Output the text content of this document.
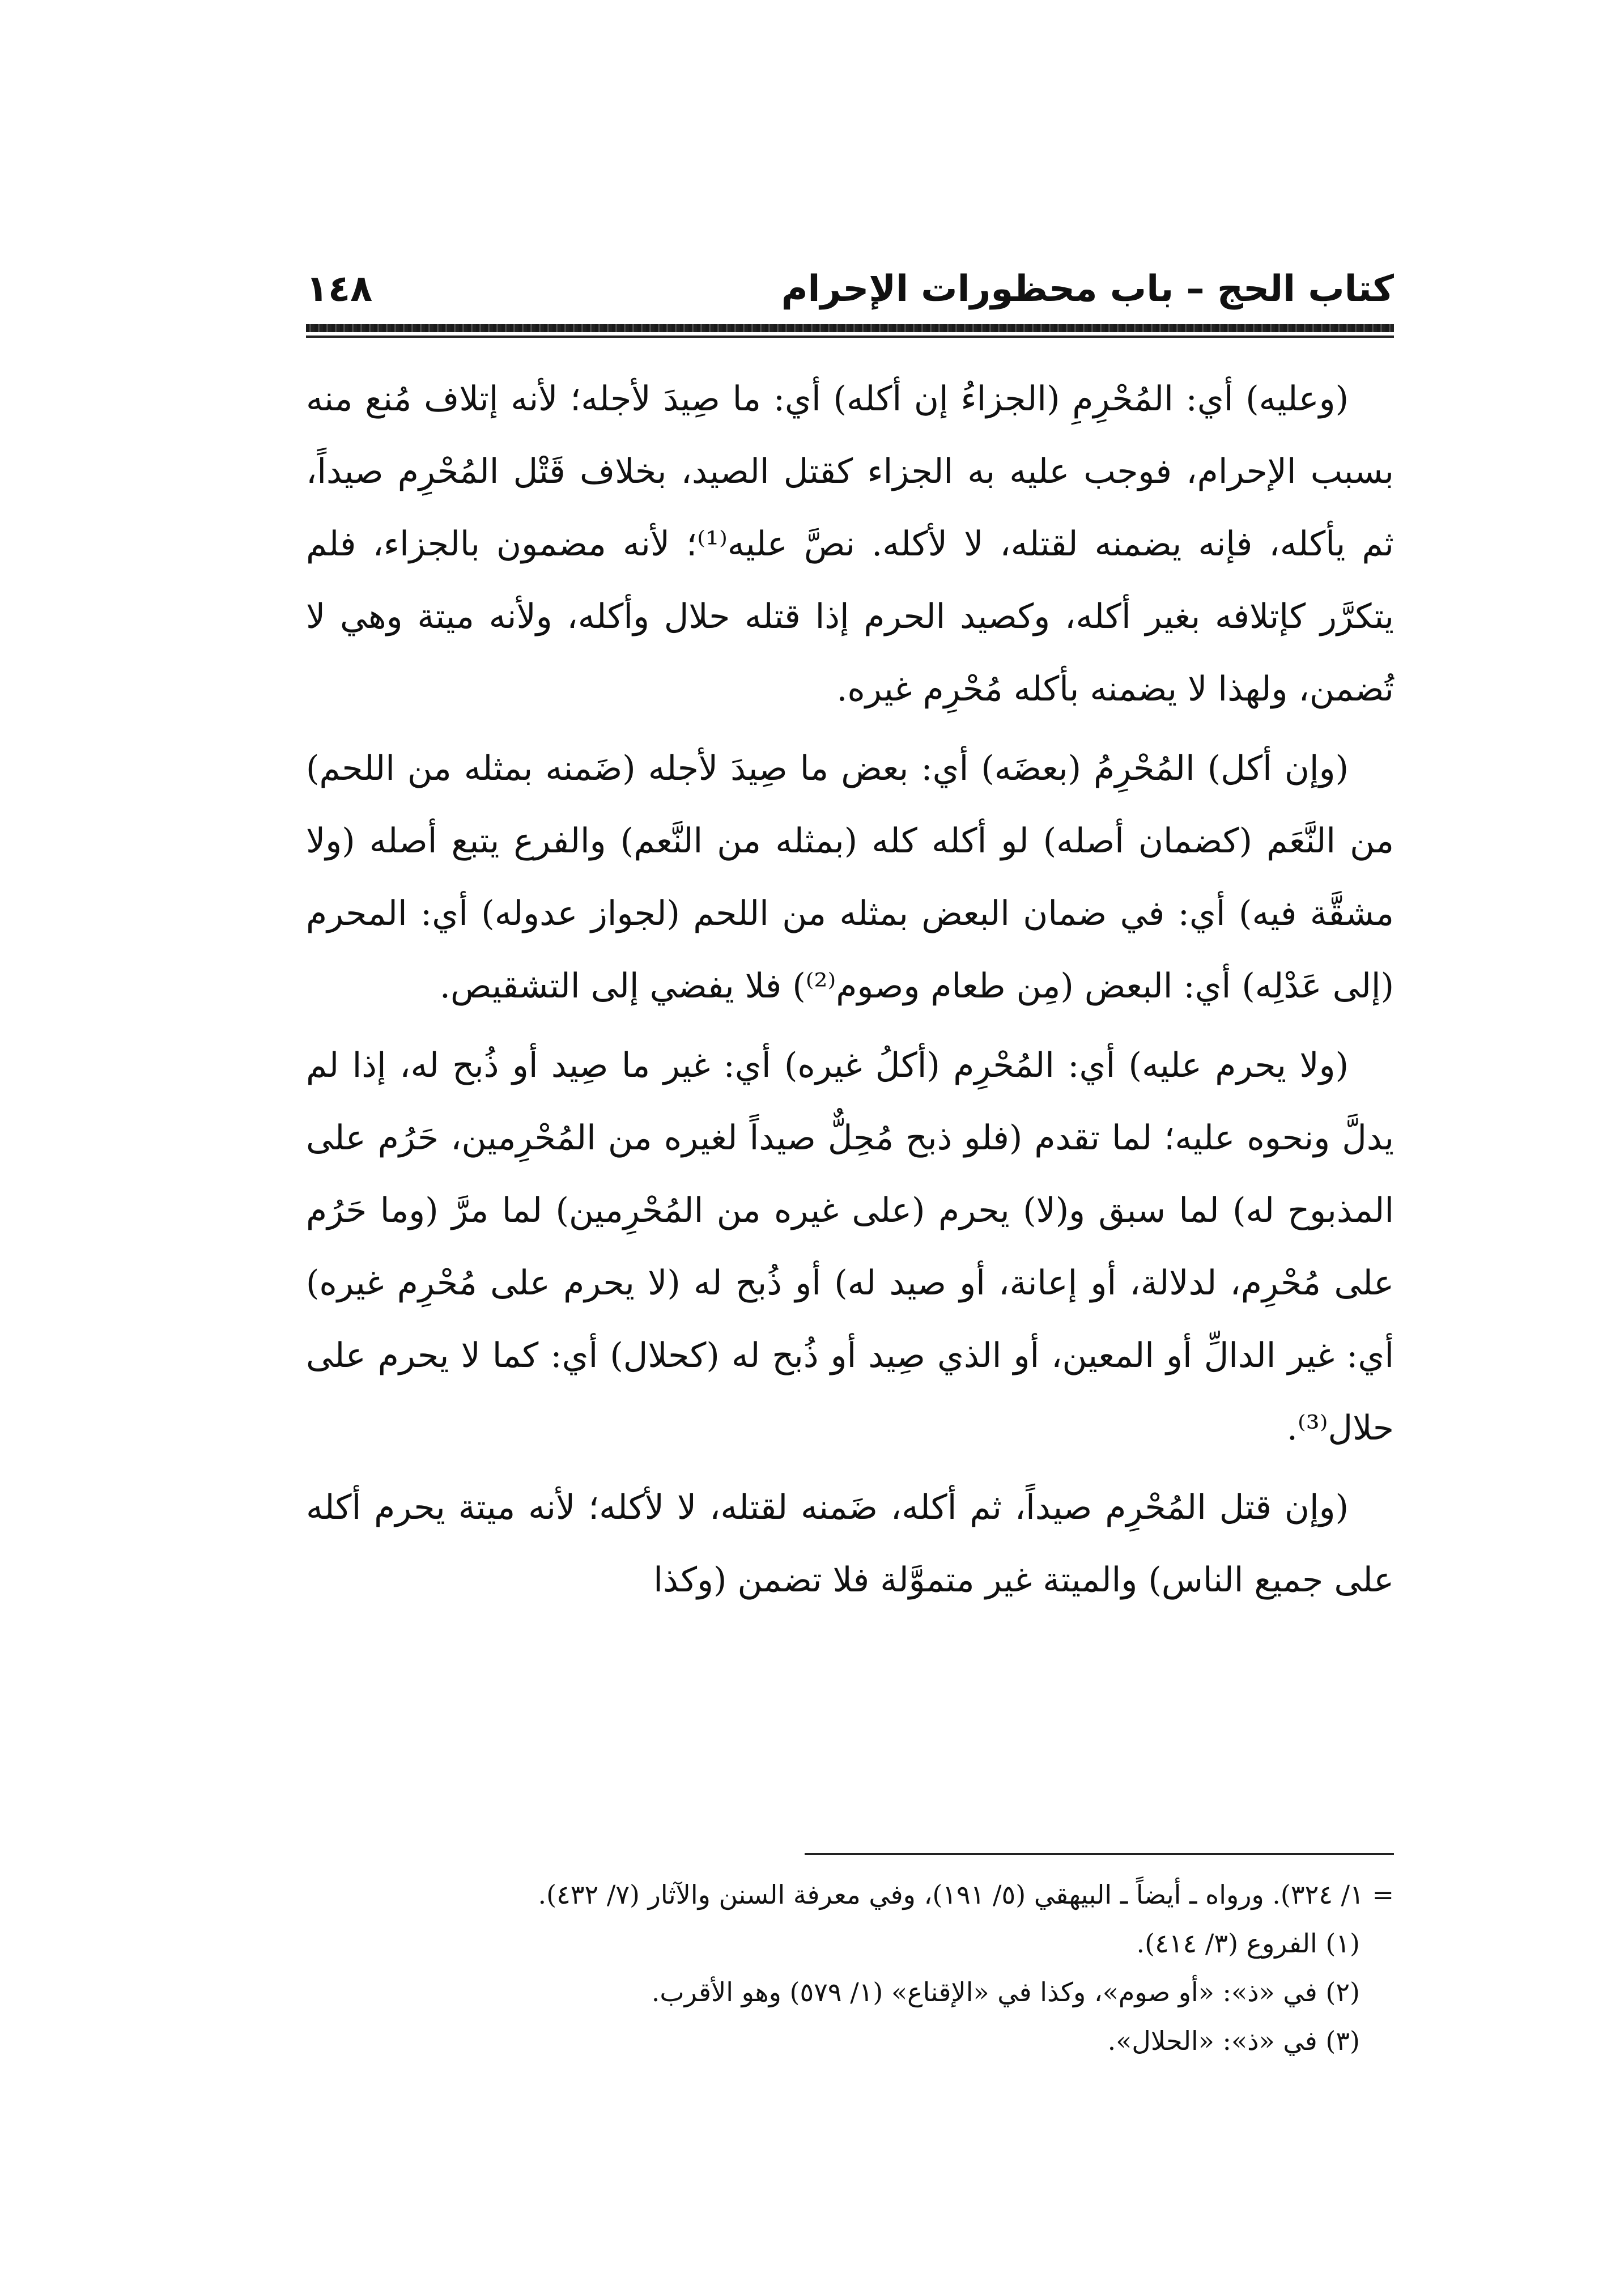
كتاب الحج – باب محظورات الإحرام
١٤٨

(وعليه) أي: المُحْرِمِ (الجزاءُ إن أكله) أي: ما صِيدَ لأجله؛ لأنه إتلاف مُنع منه بسبب الإحرام، فوجب عليه به الجزاء كقتل الصيد، بخلاف قَتْل المُحْرِم صيداً، ثم يأكله، فإنه يضمنه لقتله، لا لأكله. نصَّ عليه⁽¹⁾؛ لأنه مضمون بالجزاء، فلم يتكرَّر كإتلافه بغير أكله، وكصيد الحرم إذا قتله حلال وأكله، ولأنه ميتة وهي لا تُضمن، ولهذا لا يضمنه بأكله مُحْرِم غيره.

(وإن أكل) المُحْرِمُ (بعضَه) أي: بعض ما صِيدَ لأجله (ضَمنه بمثله من اللحم) من النَّعَم (كضمان أصله) لو أكله كله (بمثله من النَّعم) والفرع يتبع أصله (ولا مشقَّة فيه) أي: في ضمان البعض بمثله من اللحم (لجواز عدوله) أي: المحرم (إلى عَدْلِه) أي: البعض (مِن طعام وصوم⁽²⁾) فلا يفضي إلى التشقيص.

(ولا يحرم عليه) أي: المُحْرِم (أكلُ غيره) أي: غير ما صِيد أو ذُبح له، إذا لم يدلَّ ونحوه عليه؛ لما تقدم (فلو ذبح مُحِلٌّ صيداً لغيره من المُحْرِمين، حَرُم على المذبوح له) لما سبق و(لا) يحرم (على غيره من المُحْرِمين) لما مرَّ (وما حَرُم على مُحْرِم، لدلالة، أو إعانة، أو صيد له) أو ذُبح له (لا يحرم على مُحْرِم غيره) أي: غير الدالِّ أو المعين، أو الذي صِيد أو ذُبح له (كحلال) أي: كما لا يحرم على حلال⁽³⁾.

(وإن قتل المُحْرِم صيداً، ثم أكله، ضَمنه لقتله، لا لأكله؛ لأنه ميتة يحرم أكله على جميع الناس) والميتة غير متموَّلة فلا تضمن (وكذا

= ١/ ٣٢٤). ورواه ـ أيضاً ـ البيهقي (٥/ ١٩١)، وفي معرفة السنن والآثار (٧/ ٤٣٢).
(١) الفروع (٣/ ٤١٤).
(٢) في «ذ»: «أو صوم»، وكذا في «الإقناع» (١/ ٥٧٩) وهو الأقرب.
(٣) في «ذ»: «الحلال».
